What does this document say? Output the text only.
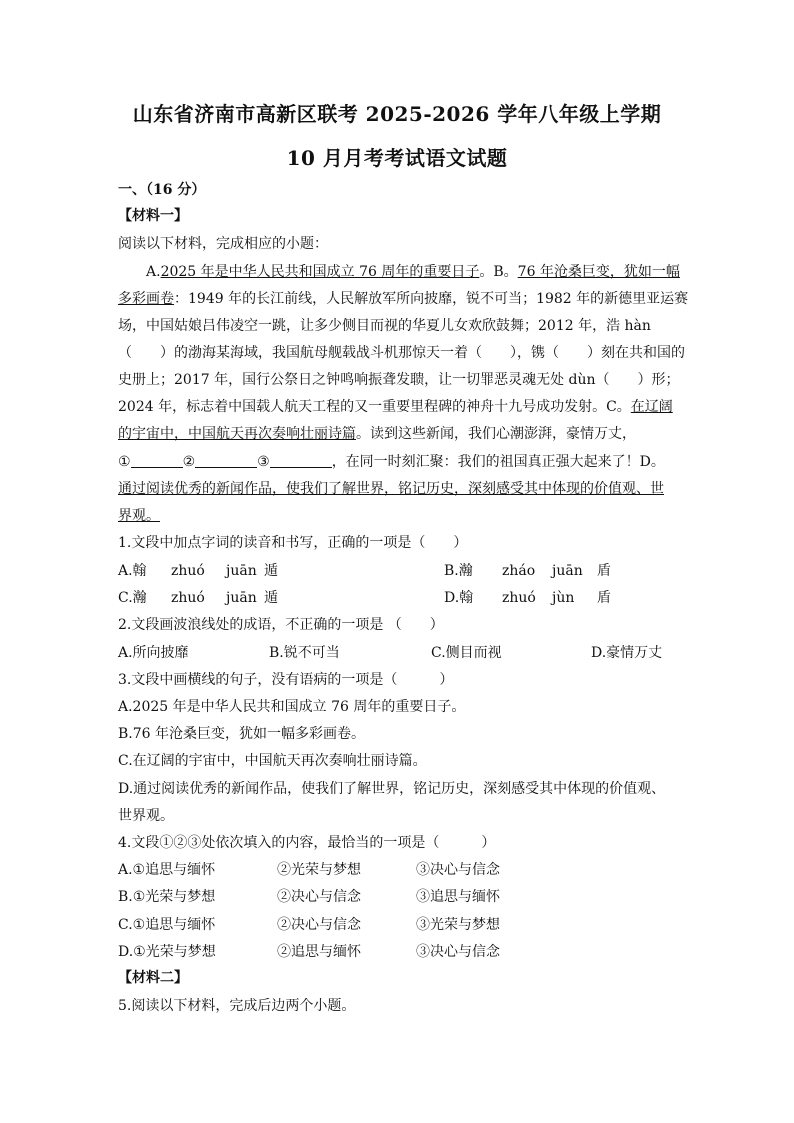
山东省济南市高新区联考 2025-2026 学年八年级上学期
10 月月考考试语文试题
一、（16 分）
【材料一】
阅读以下材料，完成相应的小题：
A.2025 年是中华人民共和国成立 76 周年的重要日子。B。76 年沧桑巨变，犹如一幅
多彩画卷：1949 年的长江前线，人民解放军所向披靡，锐不可当；1982 年的新德里亚运赛
场，中国姑娘吕伟凌空一跳，让多少侧目而视的华夏儿女欢欣鼓舞；2012 年，浩 hàn
（　　）的渤海某海域，我国航母舰载战斗机那惊天一着（　　），镌（　　）刻在共和国的
史册上；2017 年，国行公祭日之钟鸣响振聋发聩，让一切罪恶灵魂无处 dùn（　　）形；
2024 年，标志着中国载人航天工程的又一重要里程碑的神舟十九号成功发射。C。在辽阔
的宇宙中，中国航天再次奏响壮丽诗篇。读到这些新闻，我们心潮澎湃，豪情万丈，
①	②	③	，在同一时刻汇聚：我们的祖国真正强大起来了！D。
通过阅读优秀的新闻作品，使我们了解世界，铭记历史，深刻感受其中体现的价值观、世
界观。
1.文段中加点字词的读音和书写，正确的一项是（　　）
A.翰 zhuó juān 遁	B.瀚 zháo juān 盾
C.瀚 zhuó juān 遁	D.翰 zhuó jùn 盾
2.文段画波浪线处的成语，不正确的一项是 （　　）
A.所向披靡	B.锐不可当	C.侧目而视	D.豪情万丈
3.文段中画横线的句子，没有语病的一项是（　　　）
A.2025 年是中华人民共和国成立 76 周年的重要日子。
B.76 年沧桑巨变，犹如一幅多彩画卷。
C.在辽阔的宇宙中，中国航天再次奏响壮丽诗篇。
D.通过阅读优秀的新闻作品，使我们了解世界，铭记历史，深刻感受其中体现的价值观、
世界观。
4.文段①②③处依次填入的内容，最恰当的一项是（　　　）
A.①追思与缅怀	②光荣与梦想	③决心与信念
B.①光荣与梦想	②决心与信念	③追思与缅怀
C.①追思与缅怀	②决心与信念	③光荣与梦想
D.①光荣与梦想	②追思与缅怀	③决心与信念
【材料二】
5.阅读以下材料，完成后边两个小题。
